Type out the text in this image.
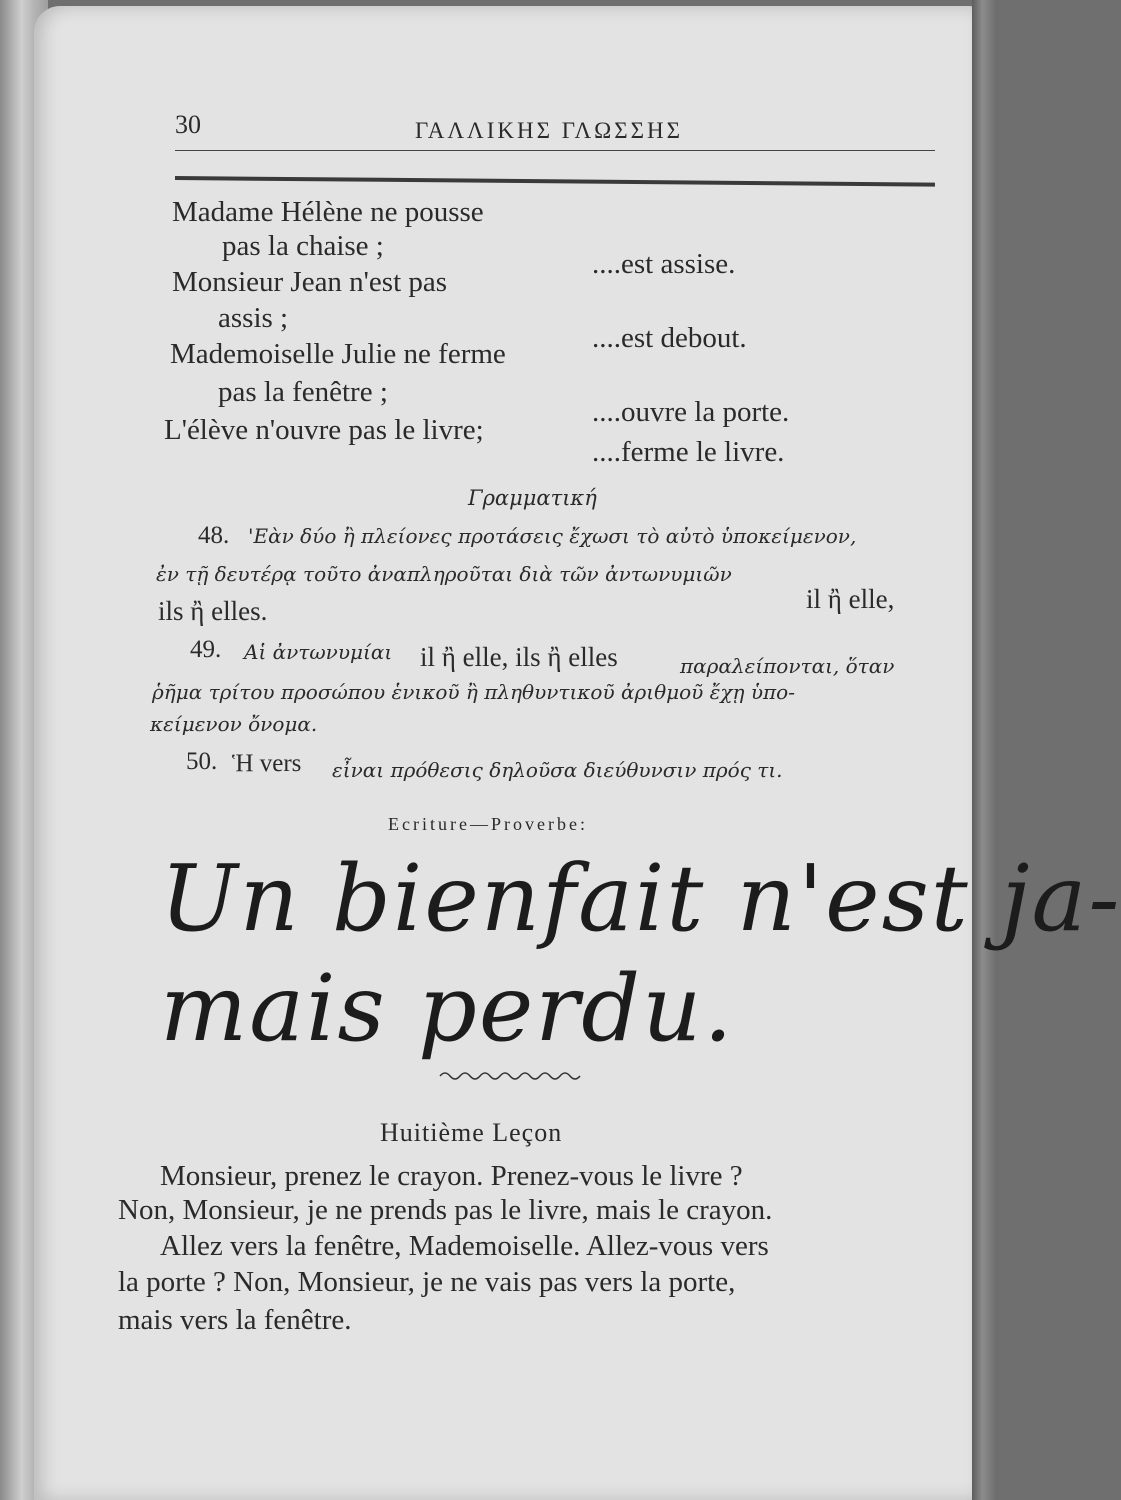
30	ΓΑΛΛΙΚΗΣ ΓΛΩΣΣΗΣ
Madame Hélène ne pousse
pas la chaise ;
Monsieur Jean n'est pas
assis ;
Mademoiselle Julie ne ferme
pas la fenêtre ;
L'élève n'ouvre pas le livre;
....est assise.
....est debout.
....ouvre la porte.
....ferme le livre.
Γραμματική
48. 'Εὰν δύο ἢ πλείονες προτάσεις ἔχωσι τὸ αὐτὸ ὑποκείμενον,
ἐν τῇ δευτέρᾳ τοῦτο ἀναπληροῦται διὰ τῶν ἀντωνυμιῶν
il ἢ elle,
ils ἢ elles.
49. Αἱ ἀντωνυμίαι il ἢ elle, ils ἢ elles	παραλείπονται, ὅταν
ῥῆμα τρίτου προσώπου ἑνικοῦ ἢ πληθυντικοῦ ἀριθμοῦ ἔχῃ ὑπο-
κείμενον ὄνομα.
50. Ἡ vers εἶναι πρόθεσις δηλοῦσα διεύθυνσιν πρός τι.
Ecriture—Proverbe:
Un bienfait n'est ja-
mais perdu.
Huitième Leçon
Monsieur, prenez le crayon. Prenez-vous le livre ?
Non, Monsieur, je ne prends pas le livre, mais le crayon.
Allez vers la fenêtre, Mademoiselle. Allez-vous vers
la porte ? Non, Monsieur, je ne vais pas vers la porte,
mais vers la fenêtre.
